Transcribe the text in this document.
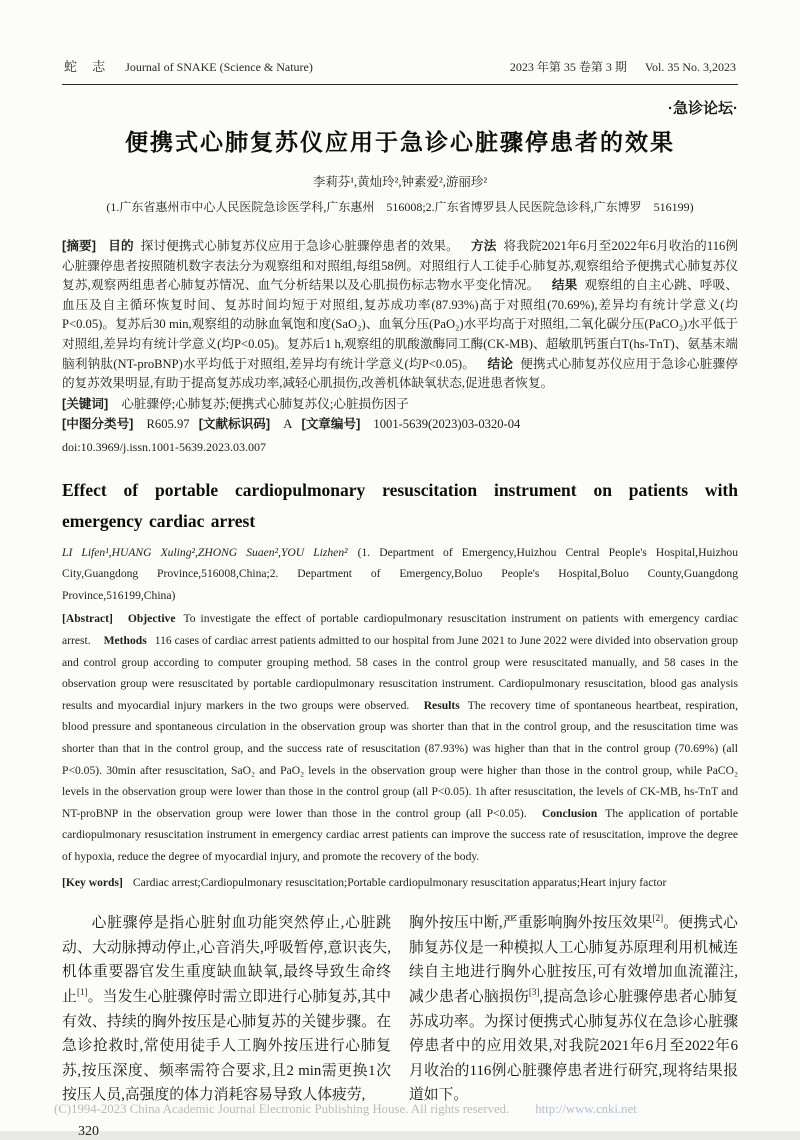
蛇 志 Journal of SNAKE (Science & Nature)	2023 年第 35 卷第 3 期 Vol. 35 No. 3,2023
·急诊论坛·
便携式心肺复苏仪应用于急诊心脏骤停患者的效果
李莉芬¹,黄灿玲²,钟素爱²,游丽珍²
(1.广东省惠州市中心人民医院急诊医学科,广东惠州　516008;2.广东省博罗县人民医院急诊科,广东博罗　516199)
[摘要] 目的 探讨便携式心肺复苏仪应用于急诊心脏骤停患者的效果。 方法 将我院2021年6月至2022年6月收治的116例心脏骤停患者按照随机数字表法分为观察组和对照组,每组58例。对照组行人工徒手心肺复苏,观察组给予便携式心肺复苏仪复苏,观察两组患者心肺复苏情况、血气分析结果以及心肌损伤标志物水平变化情况。 结果 观察组的自主心跳、呼吸、血压及自主循环恢复时间、复苏时间均短于对照组,复苏成功率(87.93%)高于对照组(70.69%),差异均有统计学意义(均P<0.05)。复苏后30 min,观察组的动脉血氧饱和度(SaO₂)、血氧分压(PaO₂)水平均高于对照组,二氧化碳分压(PaCO₂)水平低于对照组,差异均有统计学意义(均P<0.05)。复苏后1 h,观察组的肌酸激酶同工酶(CK-MB)、超敏肌钙蛋白T(hs-TnT)、氨基末端脑利钠肽(NT-proBNP)水平均低于对照组,差异均有统计学意义(均P<0.05)。 结论 便携式心肺复苏仪应用于急诊心脏骤停的复苏效果明显,有助于提高复苏成功率,减轻心肌损伤,改善机体缺氧状态,促进患者恢复。
[关键词] 心脏骤停;心肺复苏;便携式心肺复苏仪;心脏损伤因子
[中图分类号] R605.97 [文献标识码] A [文章编号] 1001-5639(2023)03-0320-04
doi:10.3969/j.issn.1001-5639.2023.03.007
Effect of portable cardiopulmonary resuscitation instrument on patients with emergency cardiac arrest
LI Lifen¹,HUANG Xuling²,ZHONG Suaen²,YOU Lizhen² (1. Department of Emergency,Huizhou Central People's Hospital,Huizhou City,Guangdong Province,516008,China;2. Department of Emergency,Boluo People's Hospital,Boluo County,Guangdong Province,516199,China)
[Abstract] Objective To investigate the effect of portable cardiopulmonary resuscitation instrument on patients with emergency cardiac arrest. Methods 116 cases of cardiac arrest patients admitted to our hospital from June 2021 to June 2022 were divided into observation group and control group according to computer grouping method. 58 cases in the control group were resuscitated manually, and 58 cases in the observation group were resuscitated by portable cardiopulmonary resuscitation instrument. Cardiopulmonary resuscitation, blood gas analysis results and myocardial injury markers in the two groups were observed. Results The recovery time of spontaneous heartbeat, respiration, blood pressure and spontaneous circulation in the observation group was shorter than that in the control group, and the resuscitation time was shorter than that in the control group, and the success rate of resuscitation (87.93%) was higher than that in the control group (70.69%) (all P<0.05). 30min after resuscitation, SaO₂ and PaO₂ levels in the observation group were higher than those in the control group, while PaCO₂ levels in the observation group were lower than those in the control group (all P<0.05). 1h after resuscitation, the levels of CK-MB, hs-TnT and NT-proBNP in the observation group were lower than those in the control group (all P<0.05). Conclusion The application of portable cardiopulmonary resuscitation instrument in emergency cardiac arrest patients can improve the success rate of resuscitation, improve the degree of hypoxia, reduce the degree of myocardial injury, and promote the recovery of the body.
[Key words] Cardiac arrest;Cardiopulmonary resuscitation;Portable cardiopulmonary resuscitation apparatus;Heart injury factor

心脏骤停是指心脏射血功能突然停止,心脏跳动、大动脉搏动停止,心音消失,呼吸暂停,意识丧失,机体重要器官发生重度缺血缺氧,最终导致生命终止[1]。当发生心脏骤停时需立即进行心肺复苏,其中有效、持续的胸外按压是心肺复苏的关键步骤。在急诊抢救时,常使用徒手人工胸外按压进行心肺复苏,按压深度、频率需符合要求,且2 min需更换1次按压人员,高强度的体力消耗容易导致人体疲劳,

胸外按压中断,严重影响胸外按压效果[2]。便携式心肺复苏仪是一种模拟人工心肺复苏原理利用机械连续自主地进行胸外心脏按压,可有效增加血流灌注,减少患者心脑损伤[3],提高急诊心脏骤停患者心肺复苏成功率。为探讨便携式心肺复苏仪在急诊心脏骤停患者中的应用效果,对我院2021年6月至2022年6月收治的116例心脏骤停患者进行研究,现将结果报道如下。

320
(C)1994-2023 China Academic Journal Electronic Publishing House. All rights reserved. http://www.cnki.net
